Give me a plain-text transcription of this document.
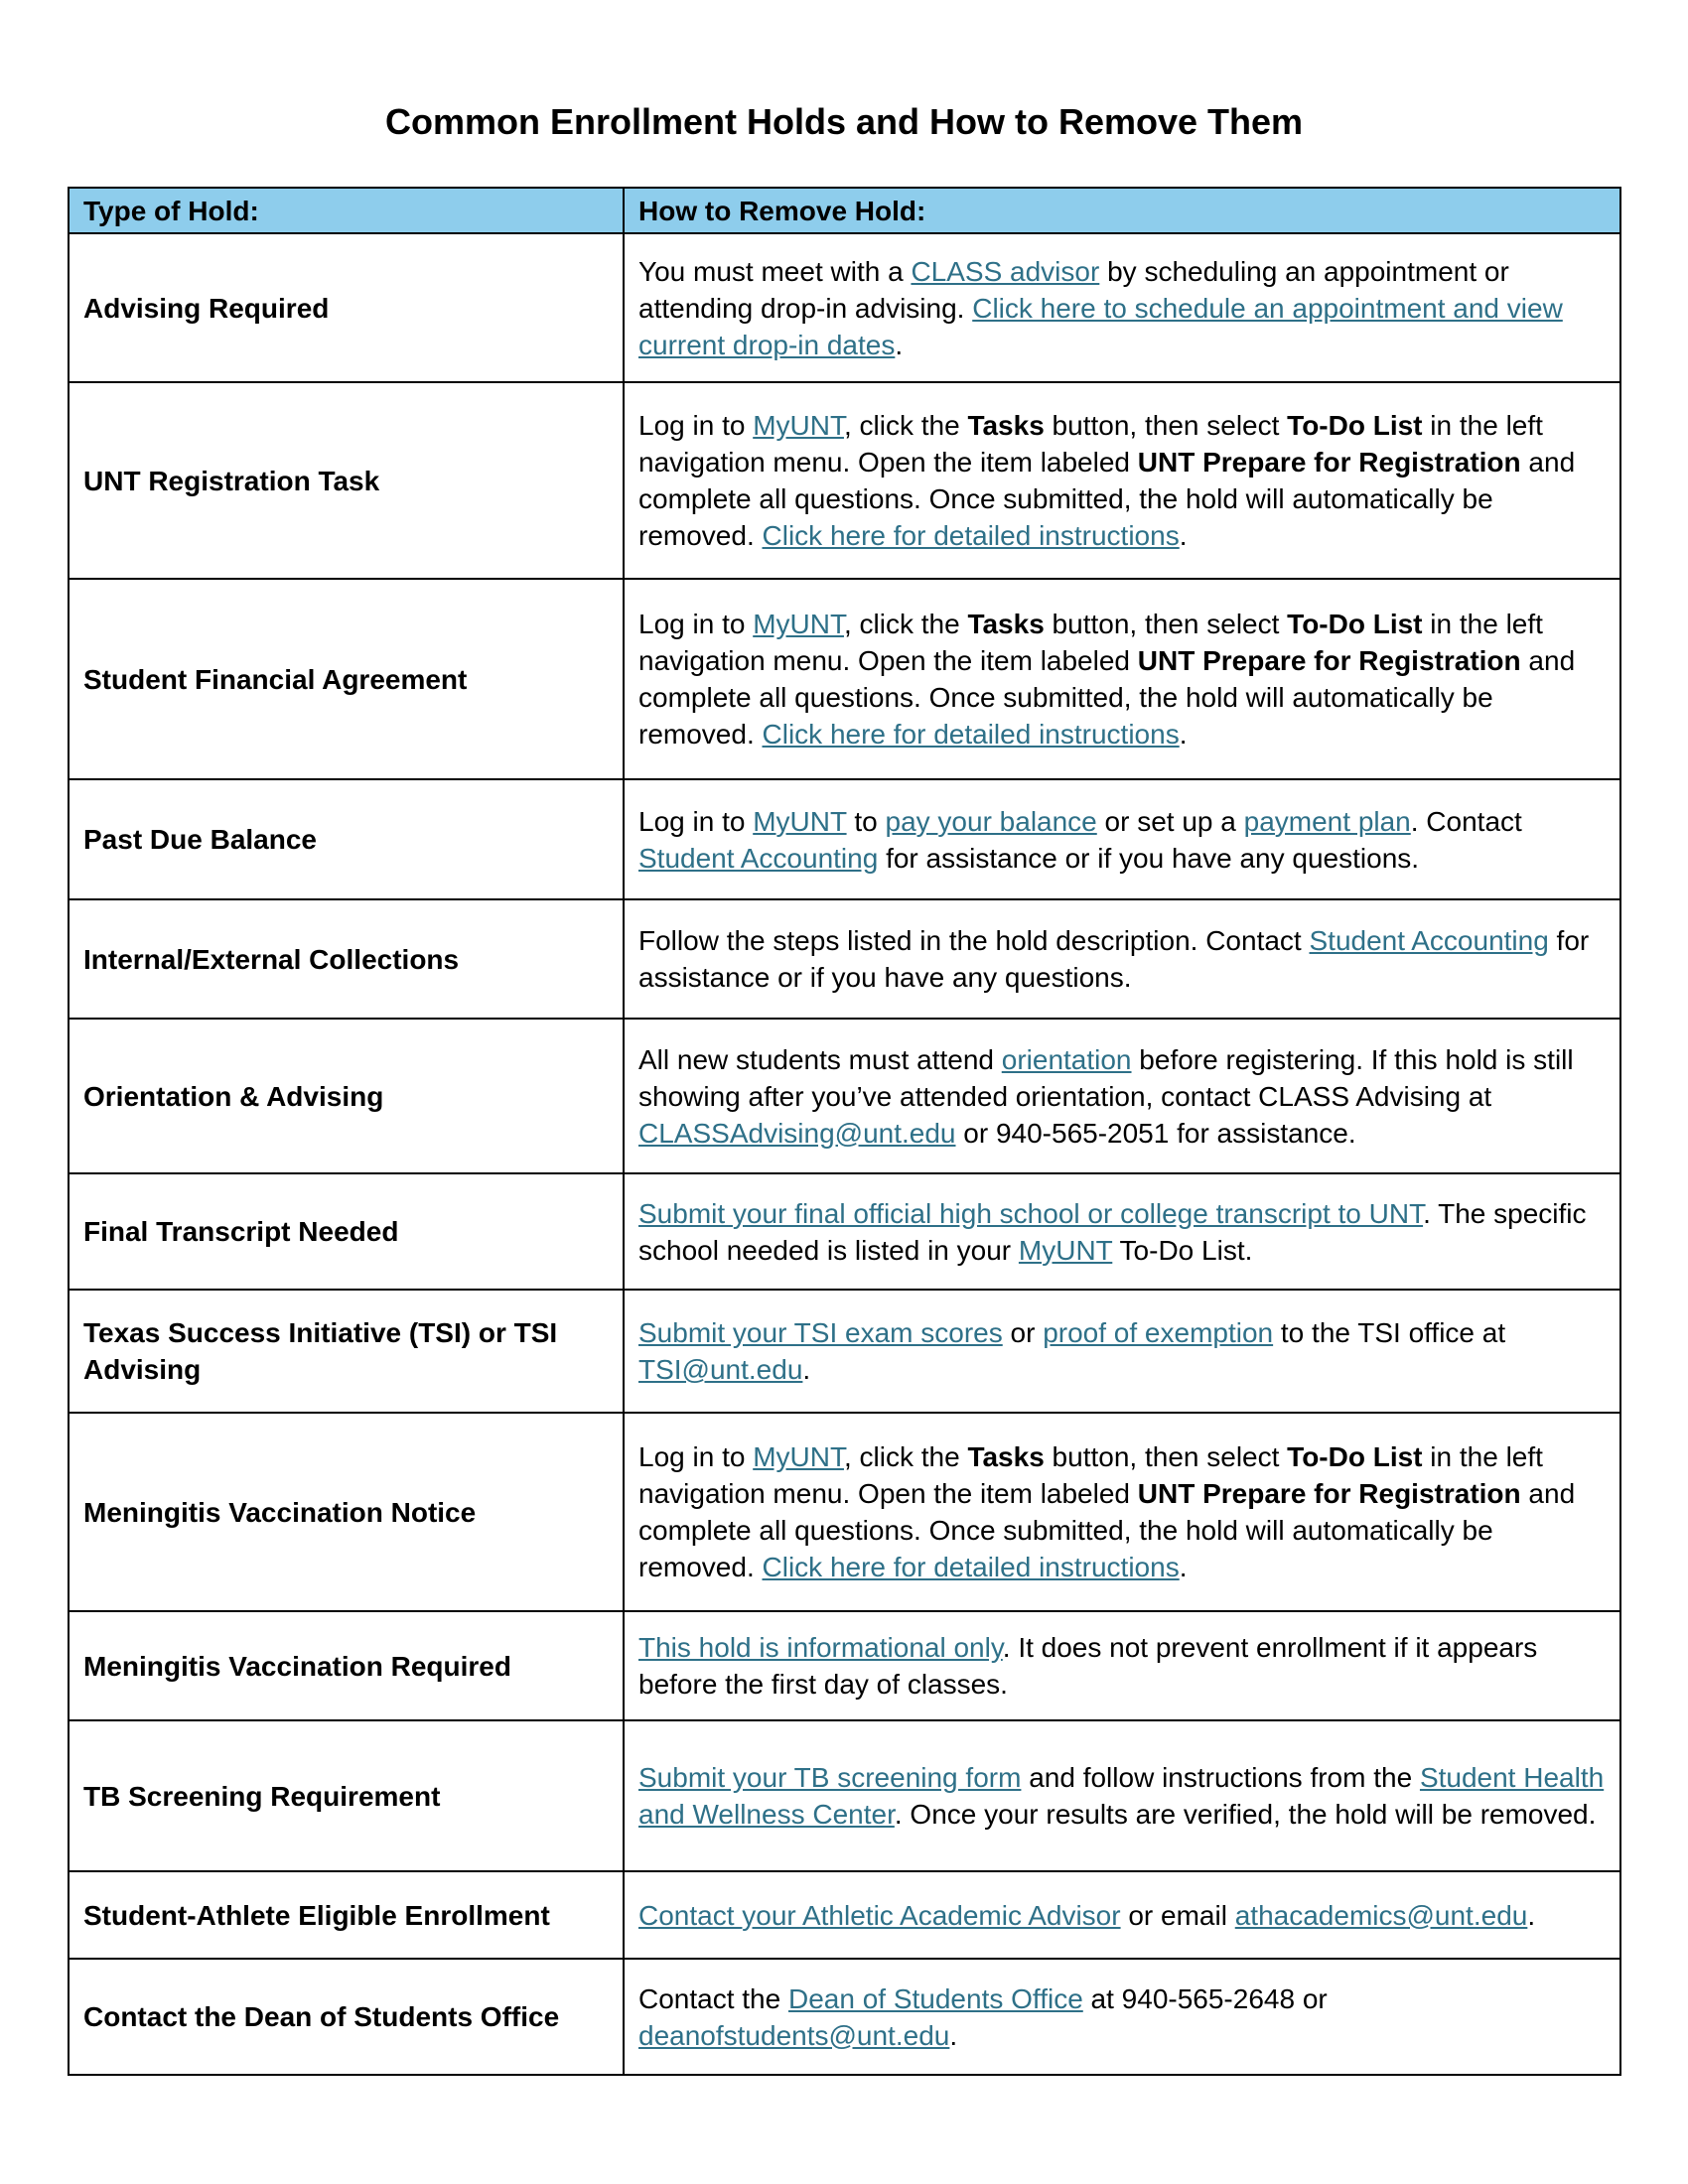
Common Enrollment Holds and How to Remove Them
Type of Hold:	How to Remove Hold:
Advising Required	You must meet with a CLASS advisor by scheduling an appointment or attending drop-in advising. Click here to schedule an appointment and view current drop-in dates.
UNT Registration Task	Log in to MyUNT, click the Tasks button, then select To-Do List in the left navigation menu. Open the item labeled UNT Prepare for Registration and complete all questions. Once submitted, the hold will automatically be removed. Click here for detailed instructions.
Student Financial Agreement	Log in to MyUNT, click the Tasks button, then select To-Do List in the left navigation menu. Open the item labeled UNT Prepare for Registration and complete all questions. Once submitted, the hold will automatically be removed. Click here for detailed instructions.
Past Due Balance	Log in to MyUNT to pay your balance or set up a payment plan. Contact Student Accounting for assistance or if you have any questions.
Internal/External Collections	Follow the steps listed in the hold description. Contact Student Accounting for assistance or if you have any questions.
Orientation & Advising	All new students must attend orientation before registering. If this hold is still showing after you’ve attended orientation, contact CLASS Advising at CLASSAdvising@unt.edu or 940-565-2051 for assistance.
Final Transcript Needed	Submit your final official high school or college transcript to UNT. The specific school needed is listed in your MyUNT To-Do List.
Texas Success Initiative (TSI) or TSI Advising	Submit your TSI exam scores or proof of exemption to the TSI office at TSI@unt.edu.
Meningitis Vaccination Notice	Log in to MyUNT, click the Tasks button, then select To-Do List in the left navigation menu. Open the item labeled UNT Prepare for Registration and complete all questions. Once submitted, the hold will automatically be removed. Click here for detailed instructions.
Meningitis Vaccination Required	This hold is informational only. It does not prevent enrollment if it appears before the first day of classes.
TB Screening Requirement	Submit your TB screening form and follow instructions from the Student Health and Wellness Center. Once your results are verified, the hold will be removed.
Student-Athlete Eligible Enrollment	Contact your Athletic Academic Advisor or email athacademics@unt.edu.
Contact the Dean of Students Office	Contact the Dean of Students Office at 940-565-2648 or deanofstudents@unt.edu.
